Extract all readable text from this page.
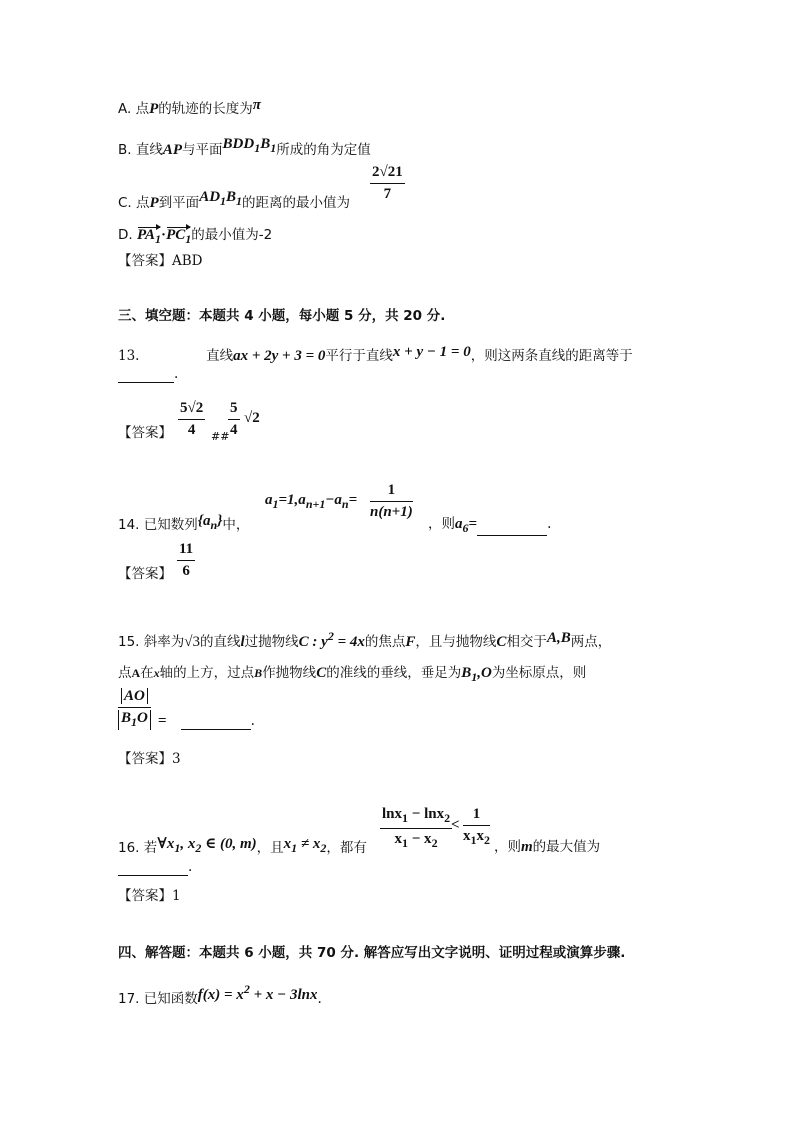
A. 点P的轨迹的长度为π
B. 直线AP与平面$BDD_1B_1$所成的角为定值
C. 点P到平面$AD_1B_1$的距离的最小值为
2√21
7
D. $PA_1\cdot PC_1$的最小值为-2
【答案】ABD
三、填空题：本题共 4 小题，每小题 5 分，共 20 分.
13.	直线ax + 2y + 3 = 0平行于直线x + y − 1 = 0，则这两条直线的距离等于
.
【答案】
5√2
4	##
5
4
√2
14. 已知数列$\{a_n\}$中，
$a_1=1,a_{n+1}-a_n=$
1
n(n+1)
，则$a_6=$	.
【答案】
11
6
15. 斜率为√3的直线l过抛物线C : $y^2 = 4x$的焦点F，且与抛物线C相交于A,B两点，
点A在x轴的上方，过点B作抛物线C的准线的垂线，垂足为$B_1,O$为坐标原点，则
AO
$B_1O$ =	.
【答案】3
16. 若$\forall x_1$, $x_2$ ∈ (0, m)，且$x_1 \ne x_2$，都有
lnx$_1$ − lnx$_2$
$x_1 - x_2$
<
1
$x_1x_2$ ，则m的最大值为
.
【答案】1
四、解答题：本题共 6 小题，共 70 分. 解答应写出文字说明、证明过程或演算步骤.
17. 已知函数$f(x) = x^2 + x - 3\ln x$.
